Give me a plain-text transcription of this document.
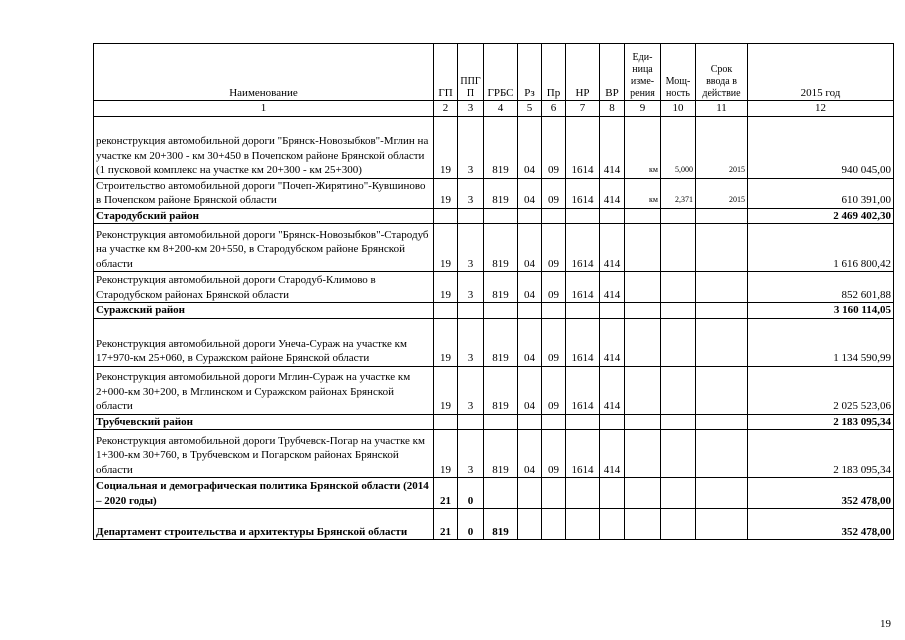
Наименование	ГП	ППГ П	ГРБС	Рз	Пр	НР	ВР	Еди-ница изме-рения	Мощ-ность	Срок ввода в действие	2015 год
1	2	3	4	5	6	7	8	9	10	11	12
реконструкция автомобильной дороги "Брянск-Новозыбков"-Мглин на участке км 20+300 - км 30+450 в Почепском районе Брянской области (1 пусковой комплекс на участке км 20+300 - км 25+300)	19	3	819	04	09	1614	414	км	5,000	2015	940 045,00
Строительство автомобильной дороги "Почеп-Жирятино"-Кувшиново в Почепском районе Брянской области	19	3	819	04	09	1614	414	км	2,371	2015	610 391,00
Стародубский район											2 469 402,30
Реконструкция автомобильной дороги "Брянск-Новозыбков"-Стародуб на участке км 8+200-км 20+550, в Стародубском районе Брянской области	19	3	819	04	09	1614	414				1 616 800,42
Реконструкция автомобильной дороги Стародуб-Климово в Стародубском районах Брянской области	19	3	819	04	09	1614	414				852 601,88
Суражский район											3 160 114,05
Реконструкция автомобильной дороги Унеча-Сураж на участке км 17+970-км 25+060, в Суражском районе Брянской области	19	3	819	04	09	1614	414				1 134 590,99
Реконструкция автомобильной дороги Мглин-Сураж на участке км 2+000-км 30+200, в Мглинском и Суражском районах Брянской области	19	3	819	04	09	1614	414				2 025 523,06
Трубчевский район											2 183 095,34
Реконструкция автомобильной дороги Трубчевск-Погар на участке км 1+300-км 30+760, в Трубчевском и Погарском районах Брянской области	19	3	819	04	09	1614	414				2 183 095,34
Социальная и демографическая политика Брянской области (2014 – 2020 годы)	21	0									352 478,00
Департамент строительства и архитектуры Брянской области	21	0	819								352 478,00
19
